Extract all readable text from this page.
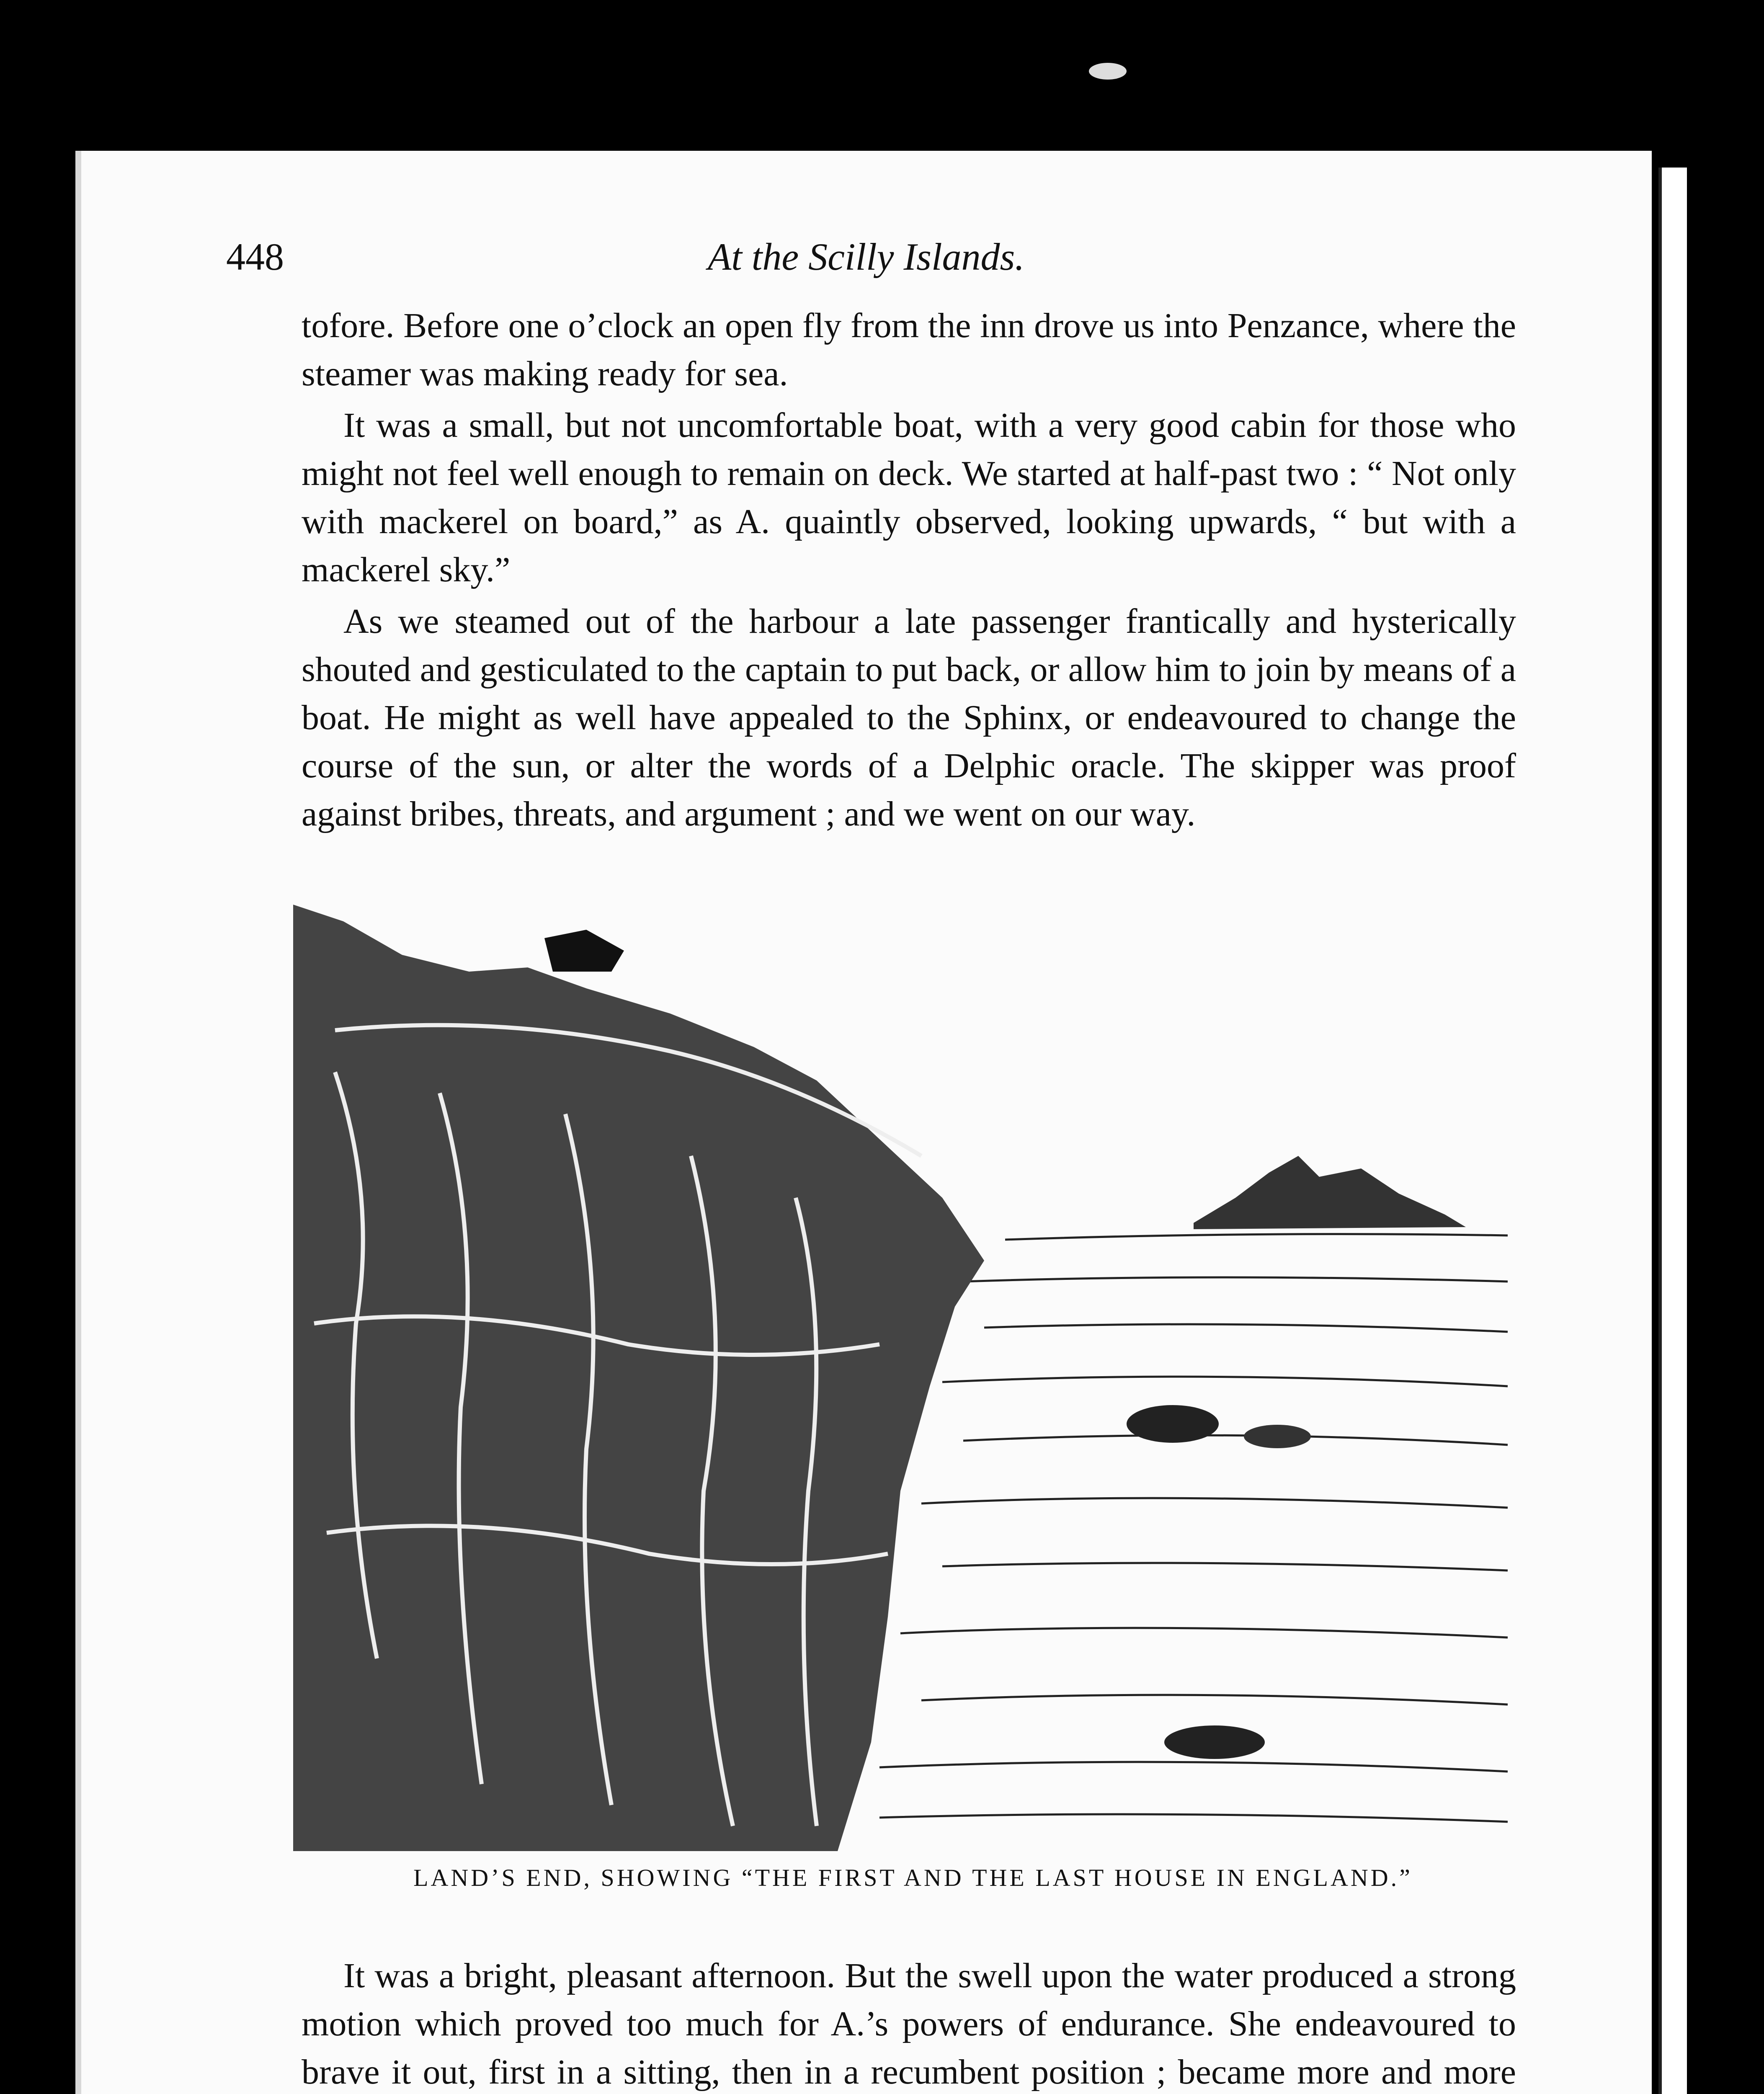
448	At the Scilly Islands.

tofore. Before one o’clock an open fly from the inn drove us into Penzance, where the steamer was making ready for sea.

It was a small, but not uncomfortable boat, with a very good cabin for those who might not feel well enough to remain on deck. We started at half-past two : “ Not only with mackerel on board,” as A. quaintly observed, looking upwards, “ but with a mackerel sky.”

As we steamed out of the harbour a late passenger frantically and hysterically shouted and gesticulated to the captain to put back, or allow him to join by means of a boat. He might as well have appealed to the Sphinx, or endeavoured to change the course of the sun, or alter the words of a Delphic oracle. The skipper was proof against bribes, threats, and argument ; and we went on our way.

LAND’S END, SHOWING “THE FIRST AND THE LAST HOUSE IN ENGLAND.”

It was a bright, pleasant afternoon. But the swell upon the water produced a strong motion which proved too much for A.’s powers of endurance. She endeavoured to brave it out, first in a sitting, then in a recumbent position ; became more and more
